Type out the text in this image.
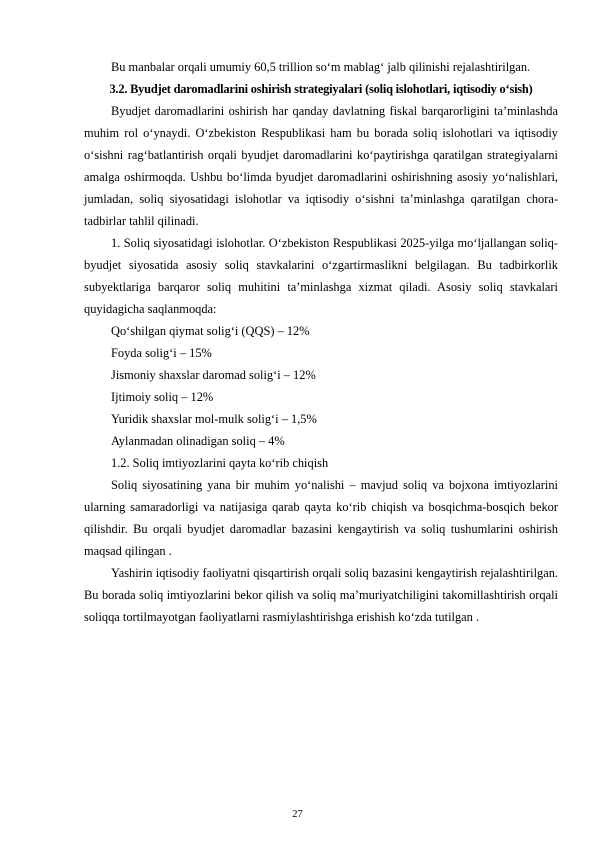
Bu manbalar orqali umumiy 60,5 trillion so‘m mablag‘ jalb qilinishi rejalashtirilgan.

3.2. Byudjet daromadlarini oshirish strategiyalari (soliq islohotlari, iqtisodiy o‘sish)

Byudjet daromadlarini oshirish har qanday davlatning fiskal barqarorligini ta’minlashda muhim rol o‘ynaydi. O‘zbekiston Respublikasi ham bu borada soliq islohotlari va iqtisodiy o‘sishni rag‘batlantirish orqali byudjet daromadlarini ko‘paytirishga qaratilgan strategiyalarni amalga oshirmoqda. Ushbu bo‘limda byudjet daromadlarini oshirishning asosiy yo‘nalishlari, jumladan, soliq siyosatidagi islohotlar va iqtisodiy o‘sishni ta’minlashga qaratilgan chora-tadbirlar tahlil qilinadi.

1. Soliq siyosatidagi islohotlar. O‘zbekiston Respublikasi 2025-yilga mo‘ljallangan soliq-byudjet siyosatida asosiy soliq stavkalarini o‘zgartirmaslikni belgilagan. Bu tadbirkorlik subyektlariga barqaror soliq muhitini ta’minlashga xizmat qiladi. Asosiy soliq stavkalari quyidagicha saqlanmoqda:

Qo‘shilgan qiymat solig‘i (QQS) – 12%

Foyda solig‘i – 15%

Jismoniy shaxslar daromad solig‘i – 12%

Ijtimoiy soliq – 12%

Yuridik shaxslar mol-mulk solig‘i – 1,5%

Aylanmadan olinadigan soliq – 4%

1.2. Soliq imtiyozlarini qayta ko‘rib chiqish

Soliq siyosatining yana bir muhim yo‘nalishi – mavjud soliq va bojxona imtiyozlarini ularning samaradorligi va natijasiga qarab qayta ko‘rib chiqish va bosqichma-bosqich bekor qilishdir. Bu orqali byudjet daromadlar bazasini kengaytirish va soliq tushumlarini oshirish maqsad qilingan .

Yashirin iqtisodiy faoliyatni qisqartirish orqali soliq bazasini kengaytirish rejalashtirilgan. Bu borada soliq imtiyozlarini bekor qilish va soliq ma’muriyatchiligini takomillashtirish orqali soliqqa tortilmayotgan faoliyatlarni rasmiylashtirishga erishish ko‘zda tutilgan .

27
